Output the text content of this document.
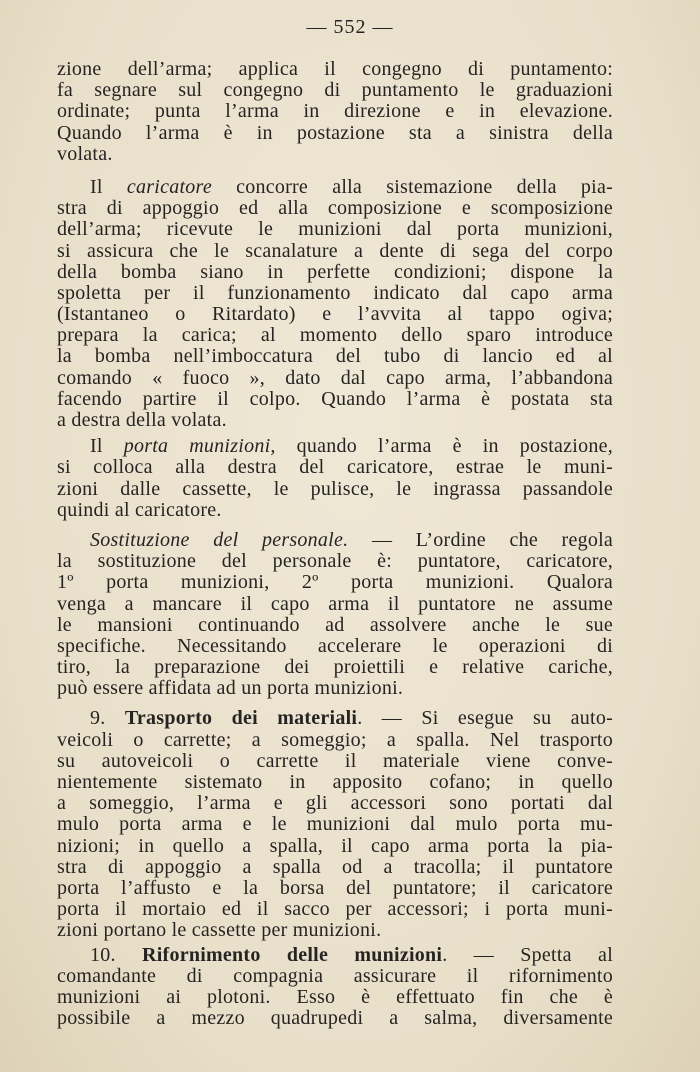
— 552 —
zione dell’arma; applica il congegno di puntamento:
fa segnare sul congegno di puntamento le graduazioni
ordinate; punta l’arma in direzione e in elevazione.
Quando l’arma è in postazione sta a sinistra della
volata.
Il caricatore concorre alla sistemazione della pia-
stra di appoggio ed alla composizione e scomposizione
dell’arma; ricevute le munizioni dal porta munizioni,
si assicura che le scanalature a dente di sega del corpo
della bomba siano in perfette condizioni; dispone la
spoletta per il funzionamento indicato dal capo arma
(Istantaneo o Ritardato) e l’avvita al tappo ogiva;
prepara la carica; al momento dello sparo introduce
la bomba nell’imboccatura del tubo di lancio ed al
comando « fuoco », dato dal capo arma, l’abbandona
facendo partire il colpo. Quando l’arma è postata sta
a destra della volata.
Il porta munizioni, quando l’arma è in postazione,
si colloca alla destra del caricatore, estrae le muni-
zioni dalle cassette, le pulisce, le ingrassa passandole
quindi al caricatore.
Sostituzione del personale. — L’ordine che regola
la sostituzione del personale è: puntatore, caricatore,
1º porta munizioni, 2º porta munizioni. Qualora
venga a mancare il capo arma il puntatore ne assume
le mansioni continuando ad assolvere anche le sue
specifiche. Necessitando accelerare le operazioni di
tiro, la preparazione dei proiettili e relative cariche,
può essere affidata ad un porta munizioni.
9. Trasporto dei materiali. — Si esegue su auto-
veicoli o carrette; a someggio; a spalla. Nel trasporto
su autoveicoli o carrette il materiale viene conve-
nientemente sistemato in apposito cofano; in quello
a someggio, l’arma e gli accessori sono portati dal
mulo porta arma e le munizioni dal mulo porta mu-
nizioni; in quello a spalla, il capo arma porta la pia-
stra di appoggio a spalla od a tracolla; il puntatore
porta l’affusto e la borsa del puntatore; il caricatore
porta il mortaio ed il sacco per accessori; i porta muni-
zioni portano le cassette per munizioni.
10. Rifornimento delle munizioni. — Spetta al
comandante di compagnia assicurare il rifornimento
munizioni ai plotoni. Esso è effettuato fin che è
possibile a mezzo quadrupedi a salma, diversamente
